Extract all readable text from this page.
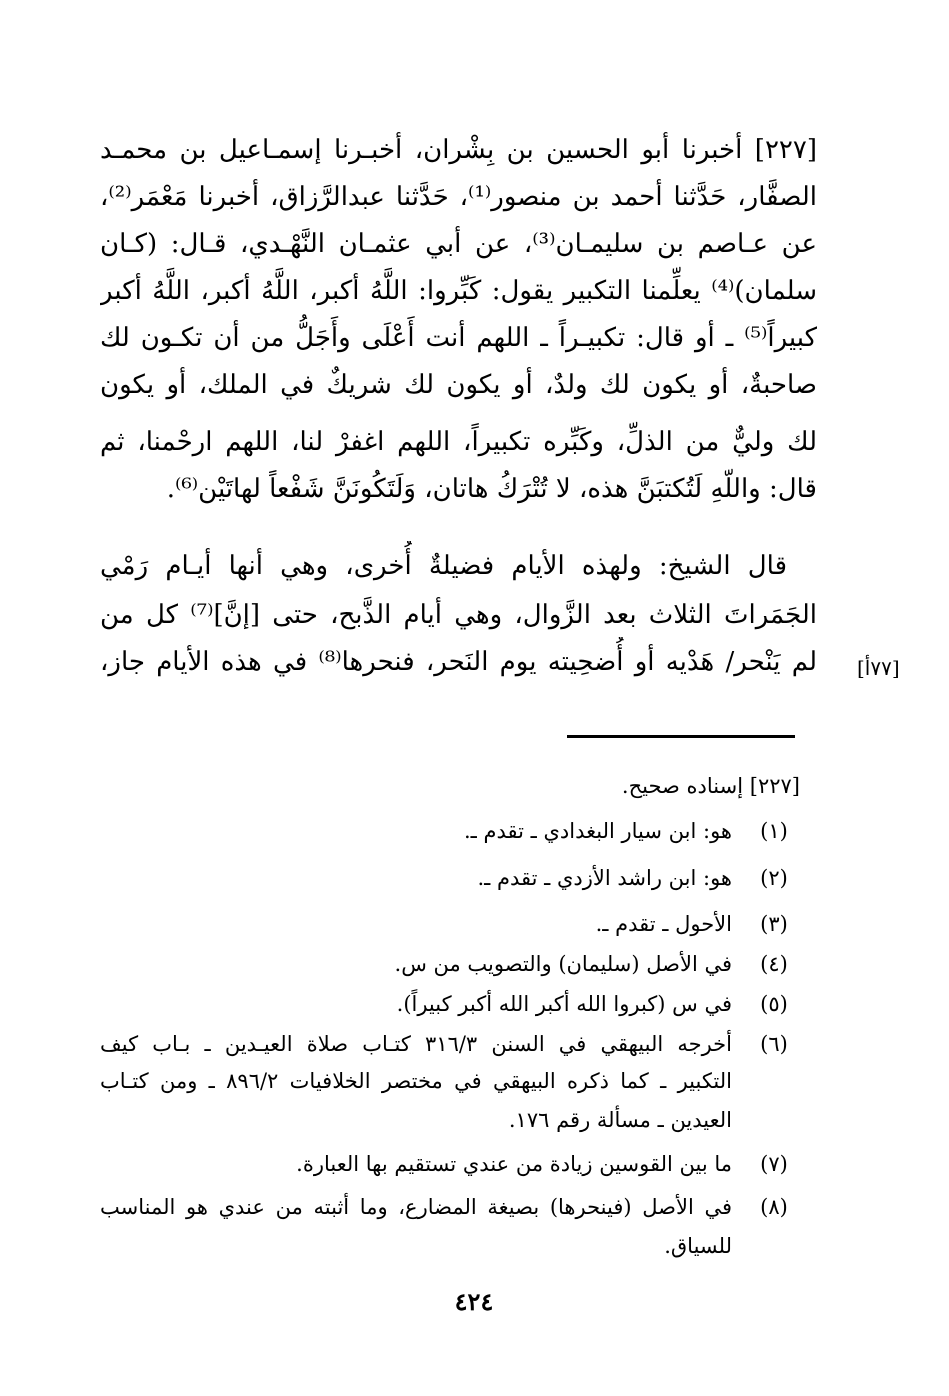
[٢٢٧] أخبرنا أبو الحسين بن بِشْران، أخبـرنا إسمـاعيل بن محمـد
الصفَّار، حَدَّثنا أحمد بن منصور⁽¹⁾، حَدَّثنا عبدالرَّزاق، أخبرنا مَعْمَر⁽²⁾،
عن عـاصم بن سليمـان⁽³⁾، عن أبي عثمـان النَّهْـدي، قـال: (كـان
سلمان)⁽⁴⁾ يعلِّمنا التكبير يقول: كَبِّروا: اللَّهُ أكبر، اللَّهُ أكبر، اللَّهُ أكبر
كبيراً⁽⁵⁾ ـ أو قال: تكبيـراً ـ اللهم أنت أَعْلَى وأَجَلُّ من أن تكـون لك
صاحبةٌ، أو يكون لك ولدٌ، أو يكون لك شريكٌ في الملك، أو يكون
لك وليٌّ من الذلِّ، وكَبِّره تكبيراً، اللهم اغفرْ لنا، اللهم ارحْمنا، ثم
قال: واللّهِ لَتُكتبَنَّ هذه، لا تُتْرَكُ هاتان، وَلَتَكُونَنَّ شَفْعاً لهاتَيْن⁽⁶⁾.
قال الشيخ: ولهذه الأيام فضيلةٌ أُخرى، وهي أنها أيـام رَمْي
الجَمَراتَ الثلاث بعد الزَّوال، وهي أيام الذَّبح، حتى [إنَّ]⁽⁷⁾ كل من
لم يَنْحر/ هَدْيه أو أُضحِيته يوم النَحر، فنحرها⁽⁸⁾ في هذه الأيام جاز، [٧٧أ]
[٢٢٧] إسناده صحيح.
(١)
هو: ابن سيار البغدادي ـ تقدم ـ.
(٢)
هو: ابن راشد الأزدي ـ تقدم ـ.
(٣)
الأحول ـ تقدم ـ.
(٤)
في الأصل (سليمان) والتصويب من س.
(٥)
في س (كبروا الله أكبر الله أكبر كبيراً).
(٦)
أخرجه البيهقي في السنن ٣١٦/٣ كتـاب صلاة العيـدين ـ بـاب كيف
التكبير ـ كما ذكره البيهقي في مختصر الخلافيات ٨٩٦/٢ ـ ومن كتـاب
العيدين ـ مسألة رقم ١٧٦.
(٧)
ما بين القوسين زيادة من عندي تستقيم بها العبارة.
(٨)
في الأصل (فينحرها) بصيغة المضارع، وما أثبته من عندي هو المناسب
للسياق.
٤٢٤
